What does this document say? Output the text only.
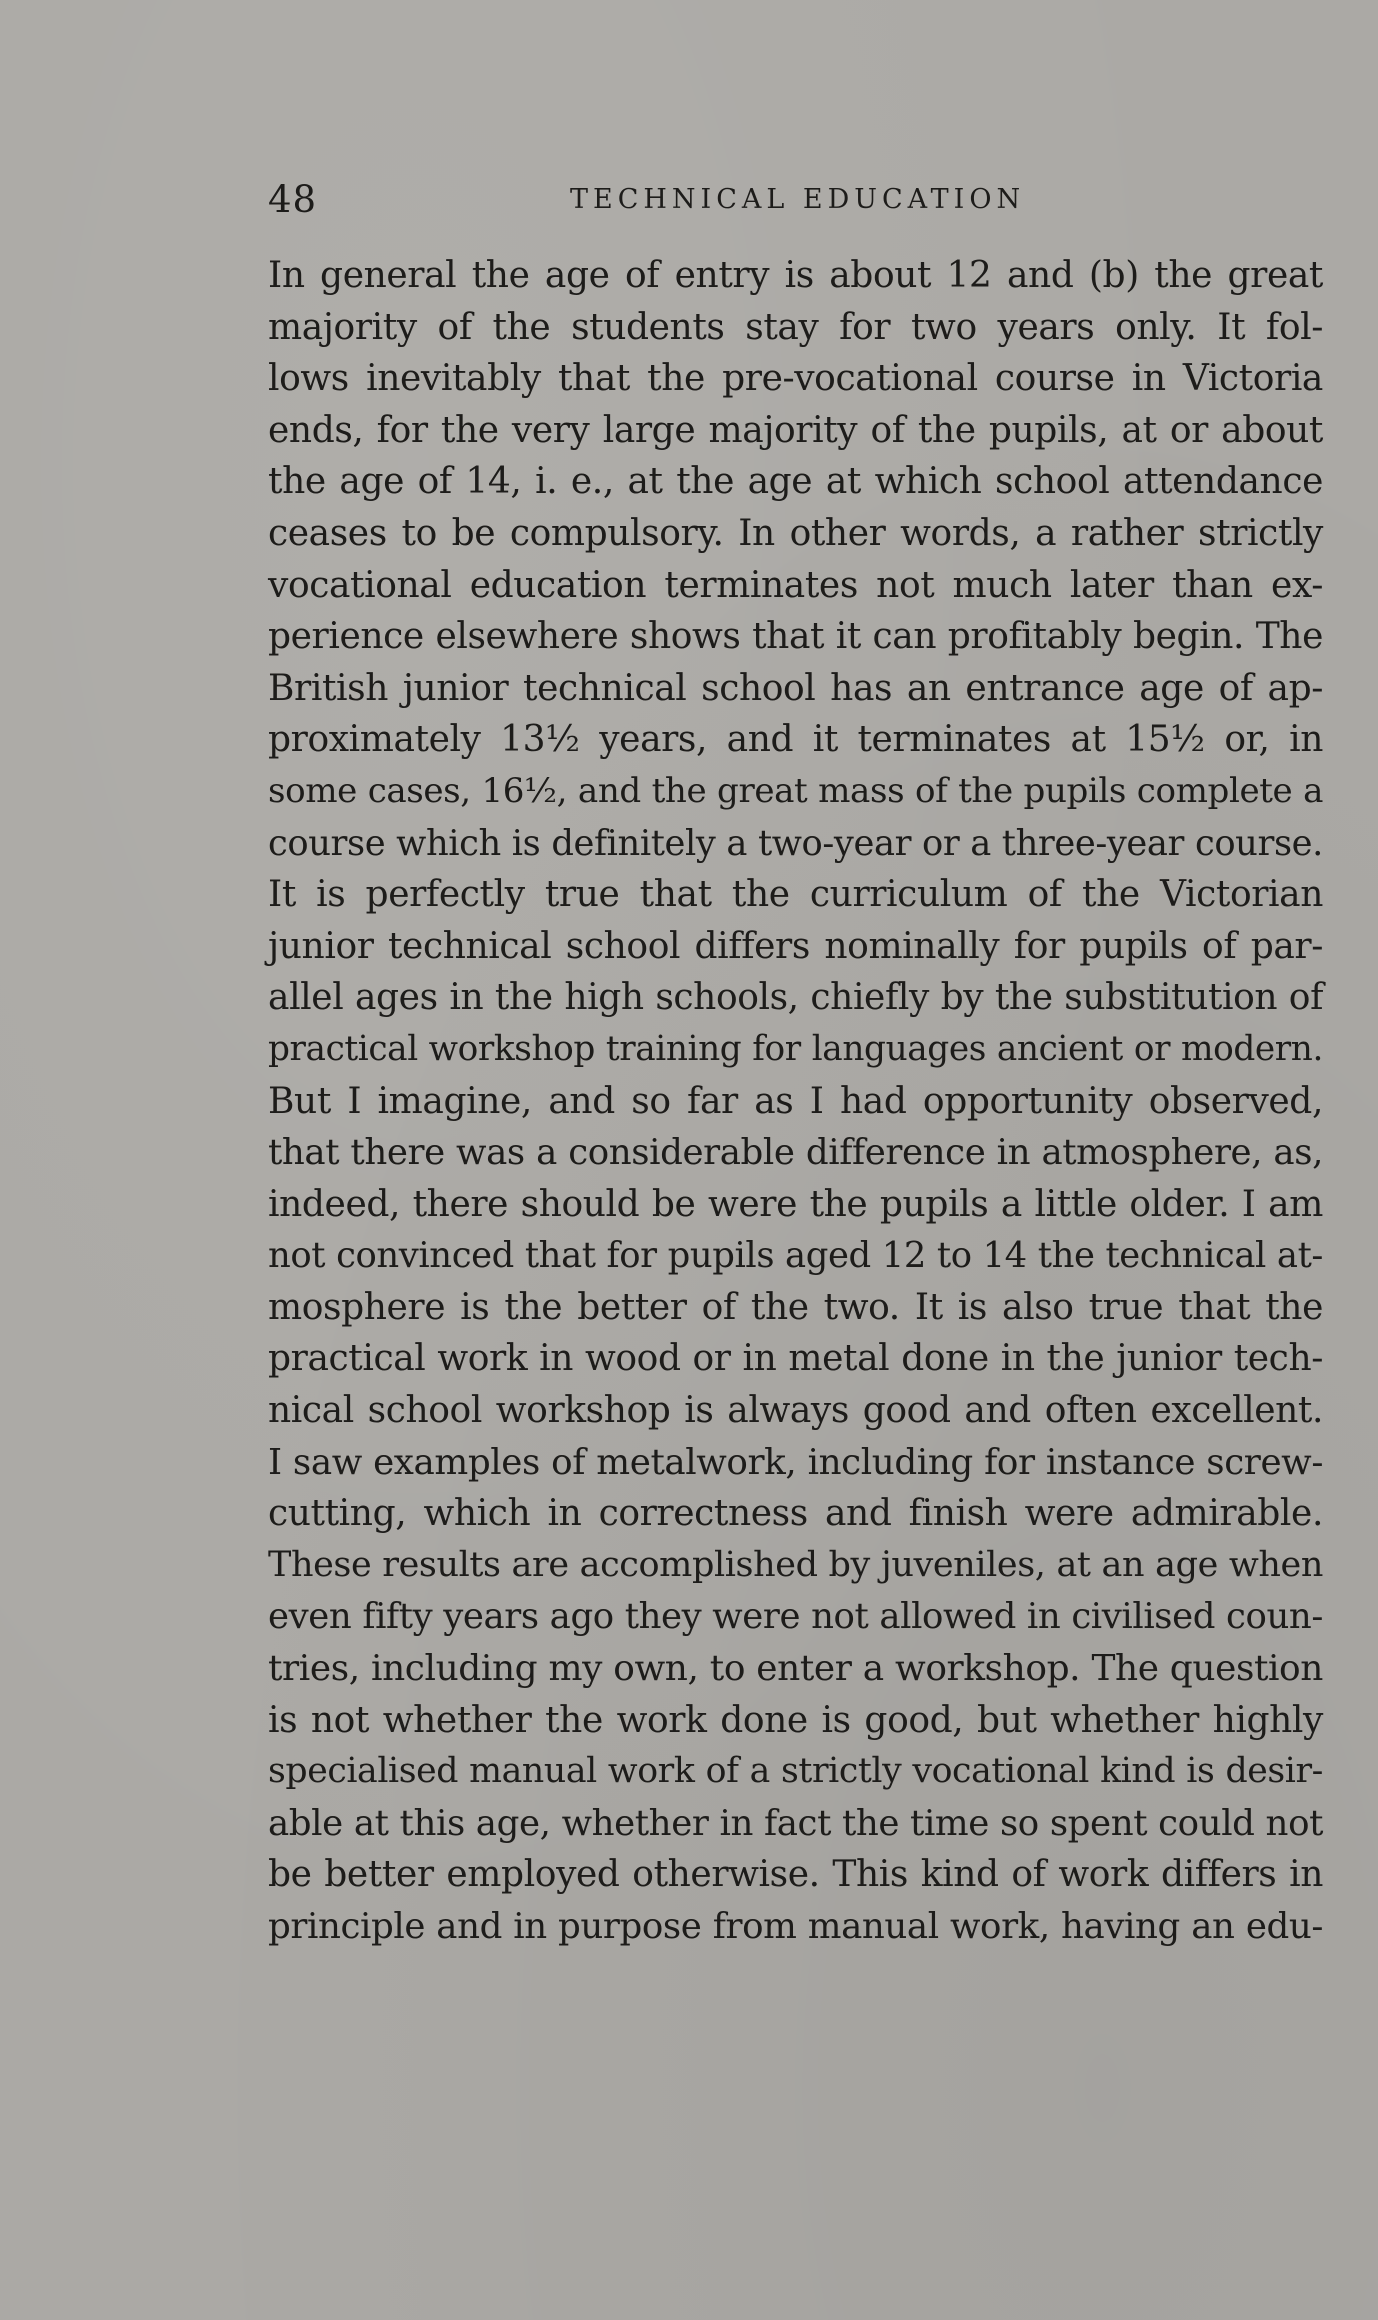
48	TECHNICAL EDUCATION

In general the age of entry is about 12 and (b) the great
majority of the students stay for two years only. It fol-
lows inevitably that the pre-vocational course in Victoria
ends, for the very large majority of the pupils, at or about
the age of 14, i. e., at the age at which school attendance
ceases to be compulsory. In other words, a rather strictly
vocational education terminates not much later than ex-
perience elsewhere shows that it can profitably begin. The
British junior technical school has an entrance age of ap-
proximately 13½ years, and it terminates at 15½ or, in
some cases, 16½, and the great mass of the pupils complete a
course which is definitely a two-year or a three-year course.
It is perfectly true that the curriculum of the Victorian
junior technical school differs nominally for pupils of par-
allel ages in the high schools, chiefly by the substitution of
practical workshop training for languages ancient or modern.
But I imagine, and so far as I had opportunity observed,
that there was a considerable difference in atmosphere, as,
indeed, there should be were the pupils a little older. I am
not convinced that for pupils aged 12 to 14 the technical at-
mosphere is the better of the two. It is also true that the
practical work in wood or in metal done in the junior tech-
nical school workshop is always good and often excellent.
I saw examples of metalwork, including for instance screw-
cutting, which in correctness and finish were admirable.
These results are accomplished by juveniles, at an age when
even fifty years ago they were not allowed in civilised coun-
tries, including my own, to enter a workshop. The question
is not whether the work done is good, but whether highly
specialised manual work of a strictly vocational kind is desir-
able at this age, whether in fact the time so spent could not
be better employed otherwise. This kind of work differs in
principle and in purpose from manual work, having an edu-
